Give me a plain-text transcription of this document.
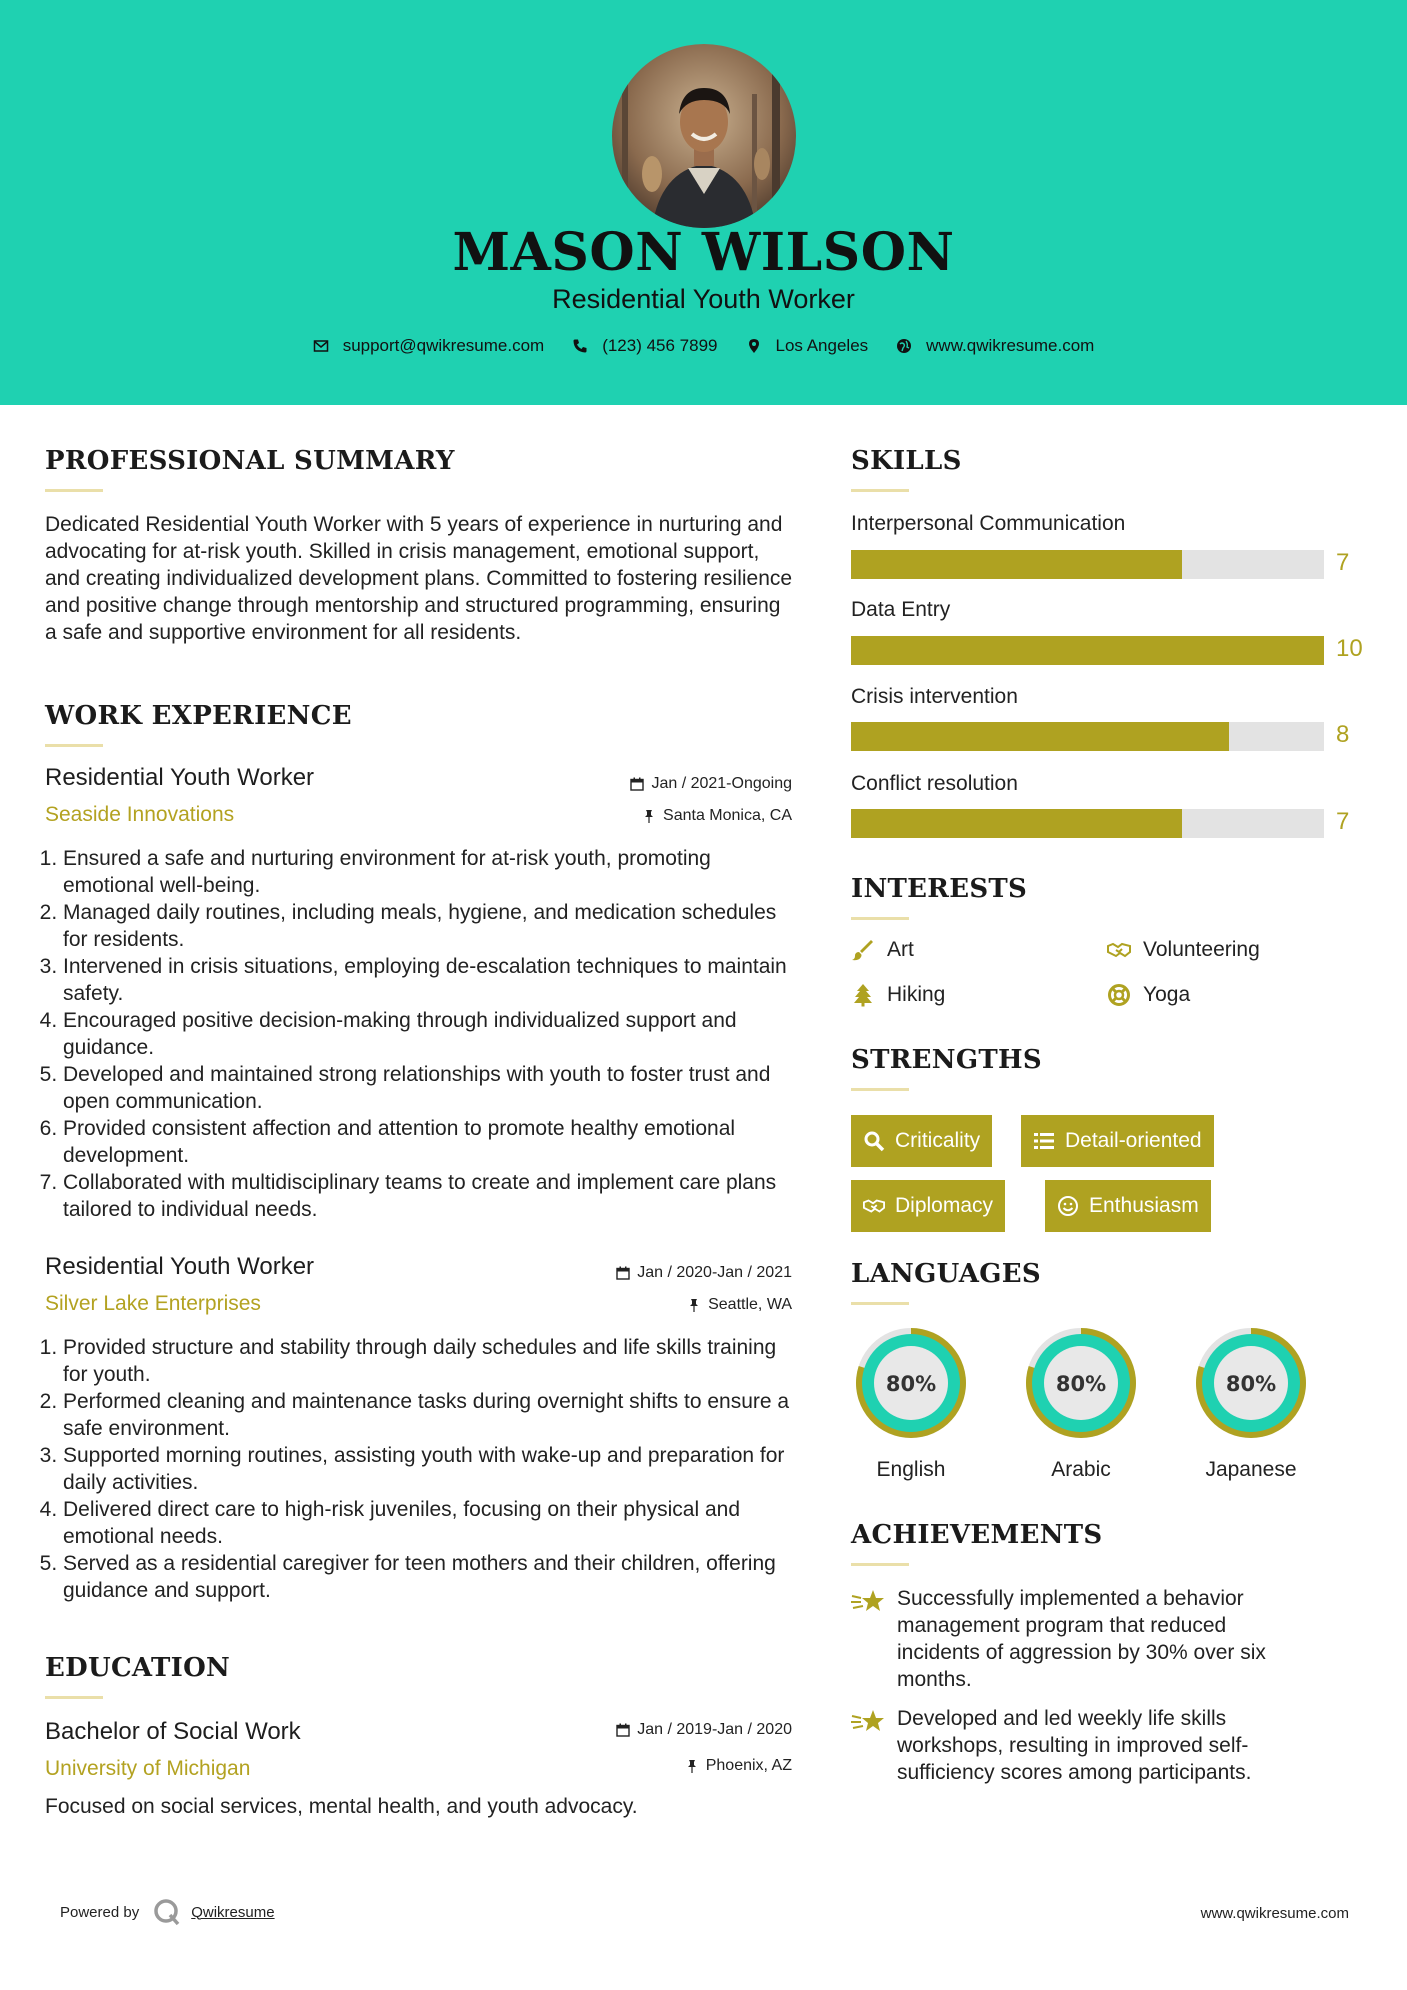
MASON WILSON
Residential Youth Worker
support@qwikresume.com	(123) 456 7899	Los Angeles	www.qwikresume.com
PROFESSIONAL SUMMARY
Dedicated Residential Youth Worker with 5 years of experience in nurturing and advocating for at-risk youth. Skilled in crisis management, emotional support, and creating individualized development plans. Committed to fostering resilience and positive change through mentorship and structured programming, ensuring a safe and supportive environment for all residents.
WORK EXPERIENCE
Residential Youth Worker
Seaside Innovations
Jan / 2021-Ongoing
Santa Monica, CA
1. Ensured a safe and nurturing environment for at-risk youth, promoting emotional well-being.
2. Managed daily routines, including meals, hygiene, and medication schedules for residents.
3. Intervened in crisis situations, employing de-escalation techniques to maintain safety.
4. Encouraged positive decision-making through individualized support and guidance.
5. Developed and maintained strong relationships with youth to foster trust and open communication.
6. Provided consistent affection and attention to promote healthy emotional development.
7. Collaborated with multidisciplinary teams to create and implement care plans tailored to individual needs.
Residential Youth Worker
Silver Lake Enterprises
Jan / 2020-Jan / 2021
Seattle, WA
1. Provided structure and stability through daily schedules and life skills training for youth.
2. Performed cleaning and maintenance tasks during overnight shifts to ensure a safe environment.
3. Supported morning routines, assisting youth with wake-up and preparation for daily activities.
4. Delivered direct care to high-risk juveniles, focusing on their physical and emotional needs.
5. Served as a residential caregiver for teen mothers and their children, offering guidance and support.
EDUCATION
Bachelor of Social Work
University of Michigan
Jan / 2019-Jan / 2020
Phoenix, AZ
Focused on social services, mental health, and youth advocacy.
SKILLS
Interpersonal Communication
7
Data Entry
10
Crisis intervention
8
Conflict resolution
7
INTERESTS
Art	Volunteering
Hiking	Yoga
STRENGTHS
Criticality	Detail-oriented
Diplomacy	Enthusiasm
LANGUAGES
80%
English
80%
Arabic
80%
Japanese
ACHIEVEMENTS
Successfully implemented a behavior management program that reduced incidents of aggression by 30% over six months.
Developed and led weekly life skills workshops, resulting in improved self-sufficiency scores among participants.
Powered by	Qwikresume	www.qwikresume.com
